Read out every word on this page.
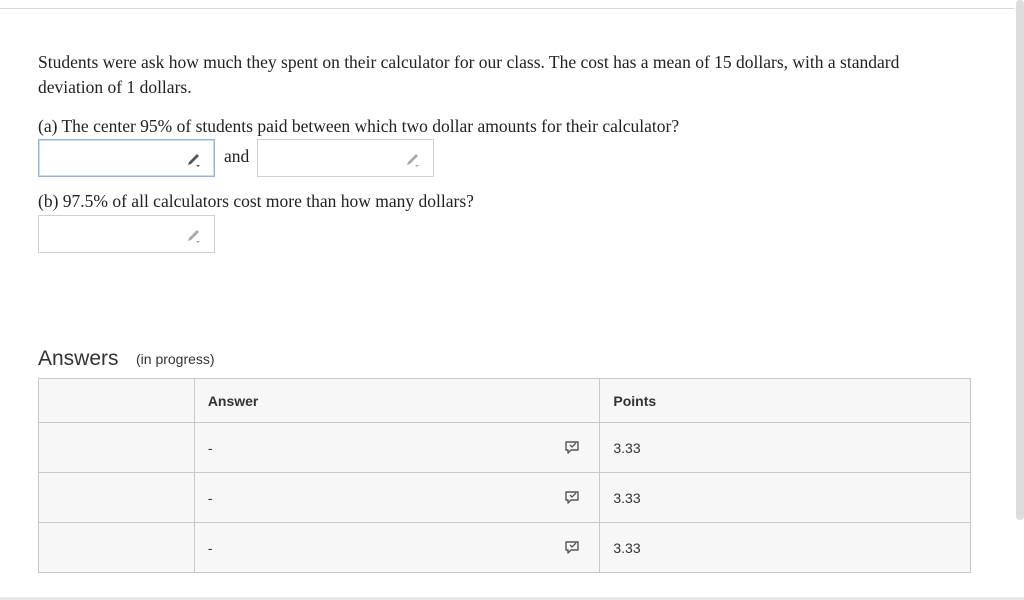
Students were ask how much they spent on their calculator for our class. The cost has a mean of 15 dollars, with a standard deviation of 1 dollars.
(a) The center 95% of students paid between which two dollar amounts for their calculator?
and
(b) 97.5% of all calculators cost more than how many dollars?
Answers (in progress)
	Answer	Points
	-	3.33
	-	3.33
	-	3.33
